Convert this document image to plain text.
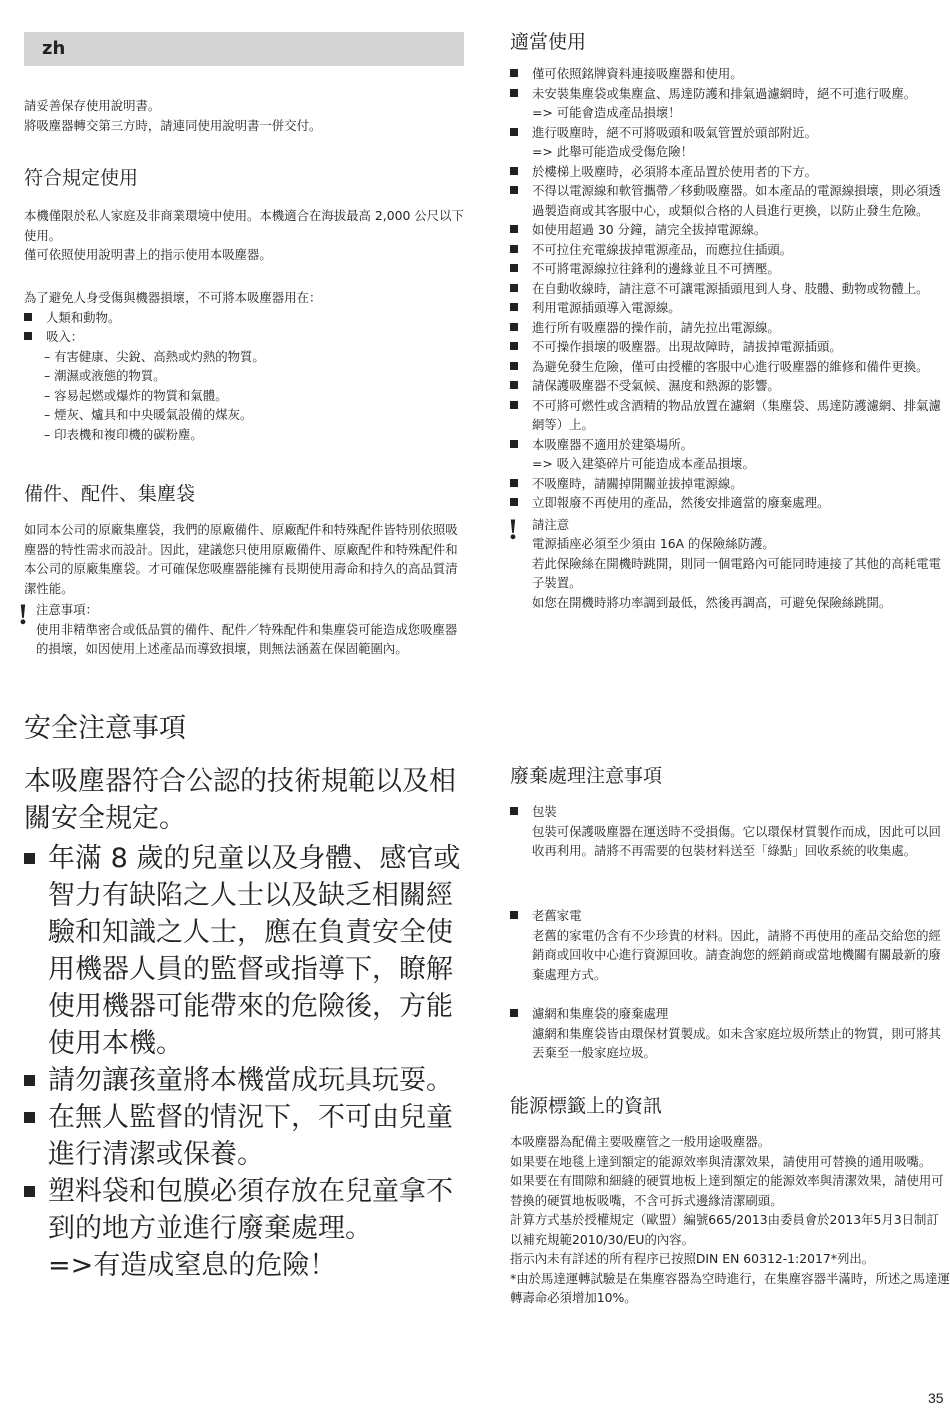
zh

請妥善保存使用說明書。

將吸塵器轉交第三方時，請連同使用說明書一併交付。

符合規定使用

本機僅限於私人家庭及非商業環境中使用。本機適合在海拔最高 2,000 公尺以下使用。

僅可依照使用說明書上的指示使用本吸塵器。

為了避免人身受傷與機器損壞，不可將本吸塵器用在：

人類和動物。
吸入：
– 有害健康、尖銳、高熱或灼熱的物質。
– 潮濕或液態的物質。
– 容易起燃或爆炸的物質和氣體。
– 煙灰、爐具和中央暖氣設備的煤灰。
– 印表機和複印機的碳粉塵。
備件、配件、集塵袋
如同本公司的原廠集塵袋，我們的原廠備件、原廠配件和特殊配件皆特別依照吸塵器的特性需求而設計。因此，建議您只使用原廠備件、原廠配件和特殊配件和本公司的原廠集塵袋。才可確保您吸塵器能擁有長期使用壽命和持久的高品質清潔性能。
! 注意事項：

使用非精準密合或低品質的備件、配件／特殊配件和集塵袋可能造成您吸塵器的損壞，如因使用上述產品而導致損壞，則無法涵蓋在保固範圍內。

安全注意事項
本吸塵器符合公認的技術規範以及相關安全規定。
年滿 8 歲的兒童以及身體、感官或智力有缺陷之人士以及缺乏相關經驗和知識之人士，應在負責安全使用機器人員的監督或指導下，瞭解使用機器可能帶來的危險後，方能使用本機。
請勿讓孩童將本機當成玩具玩耍。
在無人監督的情況下，不可由兒童進行清潔或保養。
塑料袋和包膜必須存放在兒童拿不到的地方並進行廢棄處理。

=>有造成窒息的危險！

適當使用
僅可依照銘牌資料連接吸塵器和使用。
未安裝集塵袋或集塵盒、馬達防護和排氣過濾網時，絕不可進行吸塵。
=> 可能會造成產品損壞！
進行吸塵時，絕不可將吸頭和吸氣管置於頭部附近。
=> 此舉可能造成受傷危險！
於樓梯上吸塵時，必須將本產品置於使用者的下方。
不得以電源線和軟管攜帶／移動吸塵器。如本產品的電源線損壞，則必須透過製造商或其客服中心，或類似合格的人員進行更換，以防止發生危險。
如使用超過 30 分鐘，請完全拔掉電源線。
不可拉住充電線拔掉電源產品，而應拉住插頭。
不可將電源線拉往鋒利的邊緣並且不可擠壓。
在自動收線時，請注意不可讓電源插頭甩到人身、肢體、動物或物體上。
利用電源插頭導入電源線。
進行所有吸塵器的操作前，請先拉出電源線。
不可操作損壞的吸塵器。出現故障時，請拔掉電源插頭。
為避免發生危險，僅可由授權的客服中心進行吸塵器的維修和備件更換。
請保護吸塵器不受氣候、濕度和熱源的影響。
不可將可燃性或含酒精的物品放置在濾網（集塵袋、馬達防護濾網、排氣濾網等）上。
本吸塵器不適用於建築場所。
=> 吸入建築碎片可能造成本產品損壞。
不吸塵時，請關掉開關並拔掉電源線。
立即報廢不再使用的產品，然後安排適當的廢棄處理。
! 請注意

電源插座必須至少須由 16A 的保險絲防護。

若此保險絲在開機時跳開，則同一個電路內可能同時連接了其他的高耗電電子裝置。

如您在開機時將功率調到最低，然後再調高，可避免保險絲跳開。

廢棄處理注意事項

包裝

包裝可保護吸塵器在運送時不受損傷。它以環保材質製作而成，因此可以回收再利用。請將不再需要的包裝材料送至「綠點」回收系統的收集處。

老舊家電

老舊的家電仍含有不少珍貴的材料。因此，請將不再使用的產品交給您的經銷商或回收中心進行資源回收。請查詢您的經銷商或當地機關有關最新的廢棄處理方式。

濾網和集塵袋的廢棄處理

濾網和集塵袋皆由環保材質製成。如未含家庭垃圾所禁止的物質，則可將其丟棄至一般家庭垃圾。

能源標籤上的資訊

本吸塵器為配備主要吸塵管之一般用途吸塵器。

如果要在地毯上達到額定的能源效率與清潔效果，請使用可替換的通用吸嘴。

如果要在有間隙和細縫的硬質地板上達到額定的能源效率與清潔效果，請使用可替換的硬質地板吸嘴，不含可拆式邊緣清潔刷頭。

計算方式基於授權規定（歐盟）編號665/2013由委員會於2013年5月3日制訂以補充規範2010/30/EU的內容。

指示內未有詳述的所有程序已按照DIN EN 60312-1:2017*列出。

*由於馬達運轉試驗是在集塵容器為空時進行，在集塵容器半滿時，所述之馬達運轉壽命必須增加10%。

35
